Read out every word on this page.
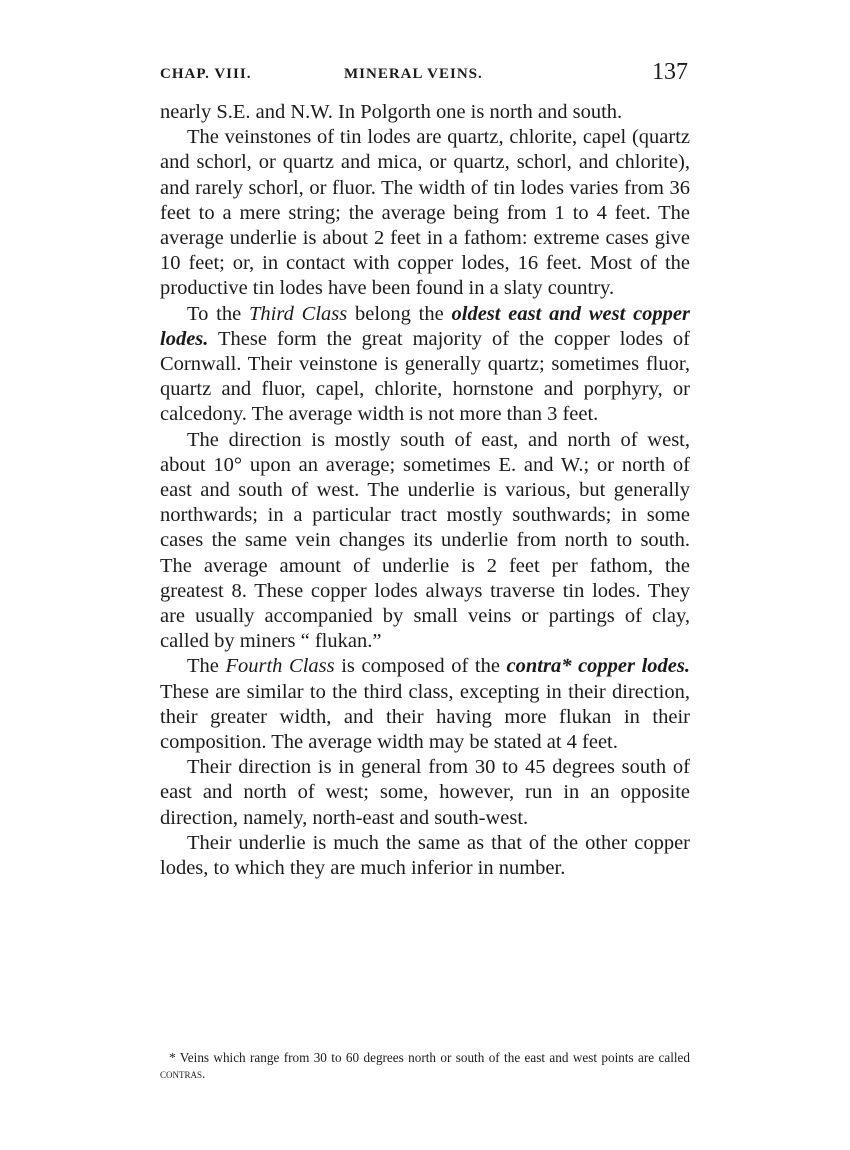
CHAP. VIII.	MINERAL VEINS.	137

nearly S.E. and N.W. In Polgorth one is north and south.

The veinstones of tin lodes are quartz, chlorite, capel (quartz and schorl, or quartz and mica, or quartz, schorl, and chlorite), and rarely schorl, or fluor. The width of tin lodes varies from 36 feet to a mere string; the average being from 1 to 4 feet. The average underlie is about 2 feet in a fathom: extreme cases give 10 feet; or, in contact with copper lodes, 16 feet. Most of the productive tin lodes have been found in a slaty country.

To the Third Class belong the oldest east and west copper lodes. These form the great majority of the copper lodes of Cornwall. Their veinstone is generally quartz; sometimes fluor, quartz and fluor, capel, chlorite, hornstone and porphyry, or calcedony. The average width is not more than 3 feet.

The direction is mostly south of east, and north of west, about 10° upon an average; sometimes E. and W.; or north of east and south of west. The underlie is various, but generally northwards; in a particular tract mostly southwards; in some cases the same vein changes its underlie from north to south. The average amount of underlie is 2 feet per fathom, the greatest 8. These copper lodes always traverse tin lodes. They are usually accompanied by small veins or partings of clay, called by miners “ flukan.”

The Fourth Class is composed of the contra* copper lodes. These are similar to the third class, excepting in their direction, their greater width, and their having more flukan in their composition. The average width may be stated at 4 feet.

Their direction is in general from 30 to 45 degrees south of east and north of west; some, however, run in an opposite direction, namely, north-east and south-west.

Their underlie is much the same as that of the other copper lodes, to which they are much inferior in number.

* Veins which range from 30 to 60 degrees north or south of the east and west points are called contras.
